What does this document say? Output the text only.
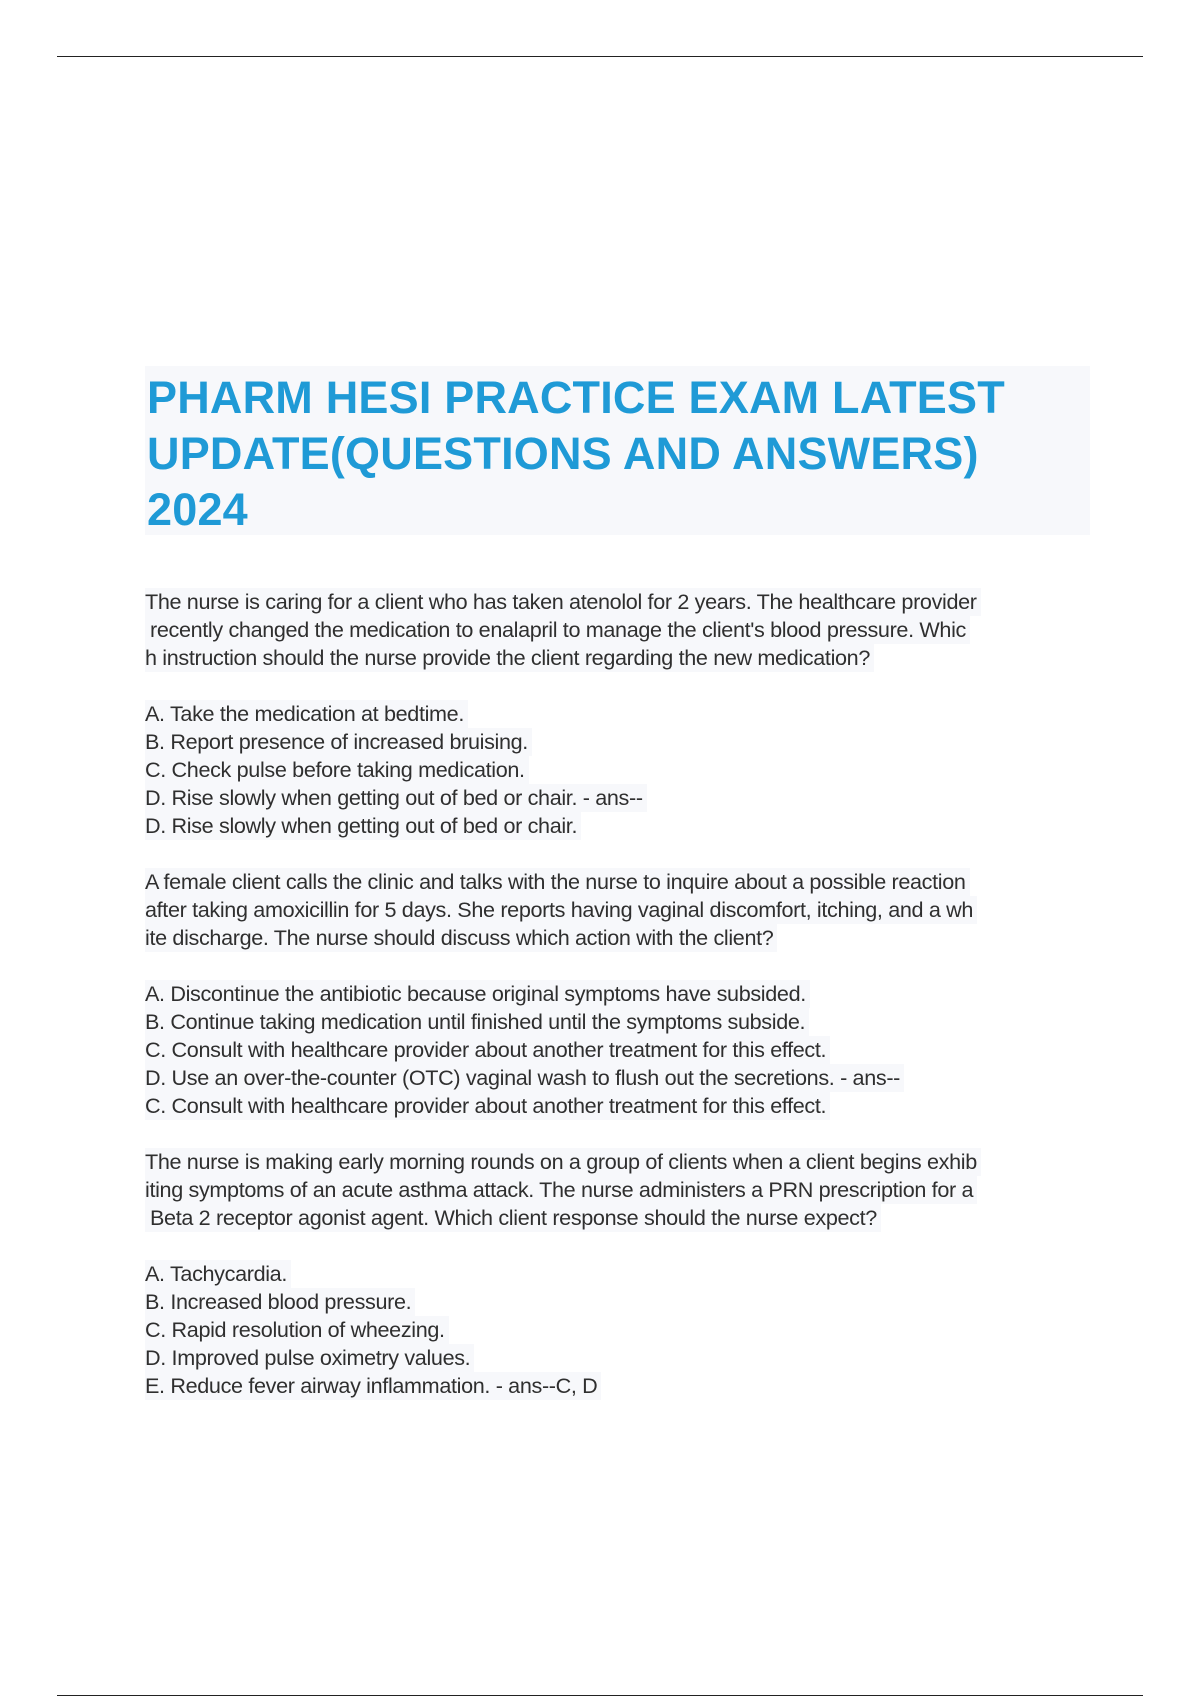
PHARM HESI PRACTICE EXAM LATEST
UPDATE(QUESTIONS AND ANSWERS)
2024
The nurse is caring for a client who has taken atenolol for 2 years. The healthcare provider
recently changed the medication to enalapril to manage the client's blood pressure. Whic
h instruction should the nurse provide the client regarding the new medication?
A. Take the medication at bedtime.
B. Report presence of increased bruising.
C. Check pulse before taking medication.
D. Rise slowly when getting out of bed or chair. - ans--
D. Rise slowly when getting out of bed or chair.
A female client calls the clinic and talks with the nurse to inquire about a possible reaction
after taking amoxicillin for 5 days. She reports having vaginal discomfort, itching, and a wh
ite discharge. The nurse should discuss which action with the client?
A. Discontinue the antibiotic because original symptoms have subsided.
B. Continue taking medication until finished until the symptoms subside.
C. Consult with healthcare provider about another treatment for this effect.
D. Use an over-the-counter (OTC) vaginal wash to flush out the secretions. - ans--
C. Consult with healthcare provider about another treatment for this effect.
The nurse is making early morning rounds on a group of clients when a client begins exhib
iting symptoms of an acute asthma attack. The nurse administers a PRN prescription for a
Beta 2 receptor agonist agent. Which client response should the nurse expect?
A. Tachycardia.
B. Increased blood pressure.
C. Rapid resolution of wheezing.
D. Improved pulse oximetry values.
E. Reduce fever airway inflammation. - ans--C, D
